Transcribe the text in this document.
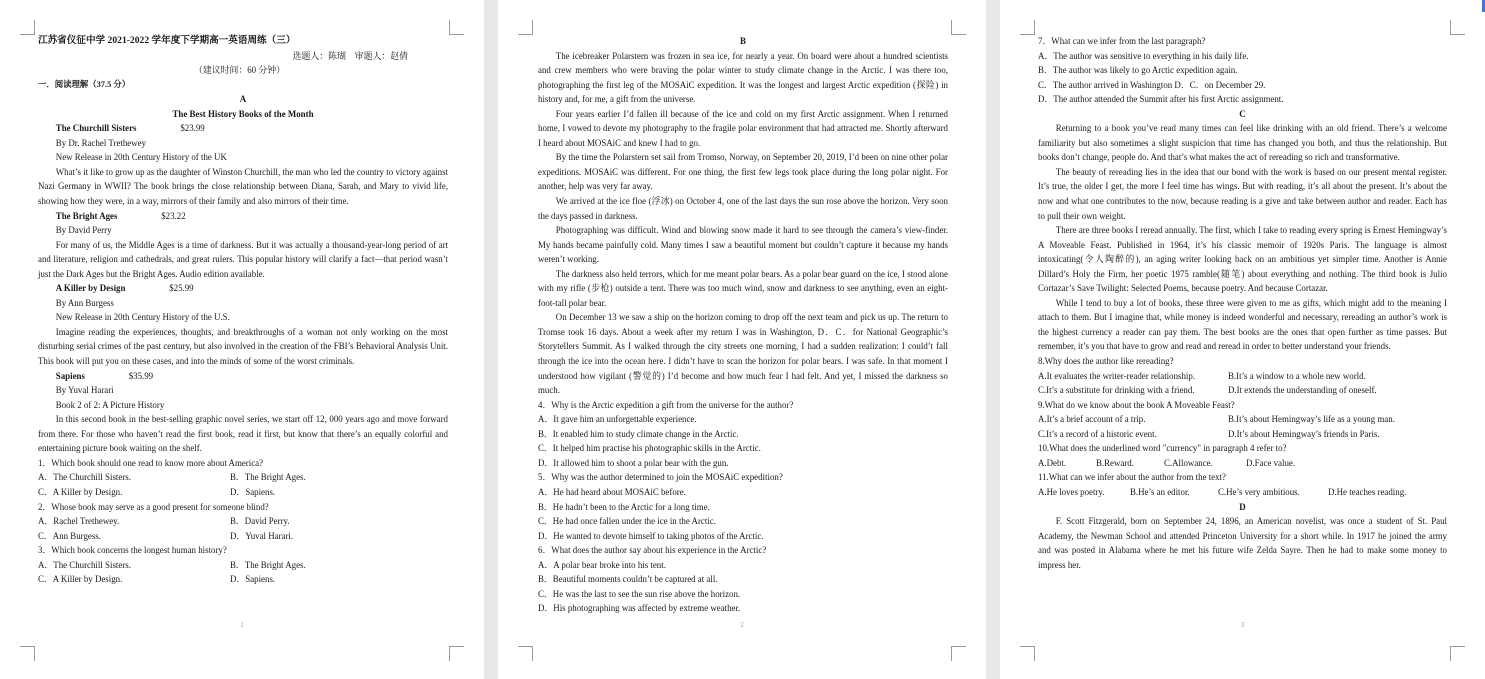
江苏省仪征中学 2021-2022 学年度下学期高一英语周练（三）

选题人：陈瑚　审题人：赵倩

（建议时间：60 分钟）

一．阅读理解（37.5 分）

A

The Best History Books of the Month

The Churchill Sisters	$23.99

By Dr. Rachel Trethewey

New Release in 20th Century History of the UK

What’s it like to grow up as the daughter of Winston Churchill, the man who led the country to victory against Nazi Germany in WWII? The book brings the close relationship between Diana, Sarah, and Mary to vivid life, showing how they were, in a way, mirrors of their family and also mirrors of their time.

The Bright Ages	$23.22

By David Perry

For many of us, the Middle Ages is a time of darkness. But it was actually a thousand-year-long period of art and literature, religion and cathedrals, and great rulers. This popular history will clarify a fact—that period wasn’t just the Dark Ages but the Bright Ages. Audio edition available.

A Killer by Design	$25.99

By Ann Burgess

New Release in 20th Century History of the U.S.

Imagine reading the experiences, thoughts, and breakthroughs of a woman not only working on the most disturbing serial crimes of the past century, but also involved in the creation of the FBI’s Behavioral Analysis Unit. This book will put you on these cases, and into the minds of some of the worst criminals.

Sapiens	$35.99

By Yuval Harari

Book 2 of 2: A Picture History

In this second book in the best-selling graphic novel series, we start off 12, 000 years ago and move forward from there. For those who haven’t read the first book, read it first, but know that there’s an equally colorful and entertaining picture book waiting on the shelf.

1．Which book should one read to know more about America?

A．The Churchill Sisters.	B．The Bright Ages.
C．A Killer by Design.	D．Sapiens.

2．Whose book may serve as a good present for someone blind?

A．Rachel Trethewey.	B．David Perry.
C．Ann Burgess.	D．Yuval Harari.

3．Which book concerns the longest human history?

A．The Churchill Sisters.	B．The Bright Ages.
C．A Killer by Design.	D．Sapiens.
1

B

The icebreaker Polarstern was frozen in sea ice, for nearly a year. On board were about a hundred scientists and crew members who were braving the polar winter to study climate change in the Arctic. I was there too, photographing the first leg of the MOSAiC expedition. It was the longest and largest Arctic expedition (探险) in history and, for me, a gift from the universe.

Four years earlier I’d fallen ill because of the ice and cold on my first Arctic assignment. When I returned home, I vowed to devote my photography to the fragile polar environment that had attracted me. Shortly afterward I heard about MOSAiC and knew I had to go.

By the time the Polarstern set sail from Tromso, Norway, on September 20, 2019, I’d been on nine other polar expeditions. MOSAiC was different. For one thing, the first few legs took place during the long polar night. For another, help was very far away.

We arrived at the ice floe (浮冰) on October 4, one of the last days the sun rose above the horizon. Very soon the days passed in darkness.

Photographing was difficult. Wind and blowing snow made it hard to see through the camera’s view-finder. My hands became painfully cold. Many times I saw a beautiful moment but couldn’t capture it because my hands weren’t working.

The darkness also held terrors, which for me meant polar bears. As a polar bear guard on the ice, I stood alone with my rifle (步枪) outside a tent. There was too much wind, snow and darkness to see anything, even an eight-foot-tall polar bear.

On December 13 we saw a ship on the horizon coming to drop off the next team and pick us up. The return to Tromse took 16 days. About a week after my return I was in Washington, D．C．for National Geographic’s Storytellers Summit. As I walked through the city streets one morning, I had a sudden realization: I could’t fall through the ice into the ocean here. I didn’t have to scan the horizon for polar bears. I was safe. In that moment I understood how vigilant (警觉的) I’d become and how much fear I had felt. And yet, I missed the darkness so much.

4．Why is the Arctic expedition a gift from the universe for the author?

A．It gave him an unforgettable experience.

B．It enabled him to study climate change in the Arctic.

C．It helped him practise his photographic skills in the Arctic.

D．It allowed him to shoot a polar bear with the gun.

5．Why was the author determined to join the MOSAiC expedition?

A．He had heard about MOSAiC before.

B．He hadn’t been to the Arctic for a long time.

C．He had once fallen under the ice in the Arctic.

D．He wanted to devote himself to taking photos of the Arctic.

6．What does the author say about his experience in the Arctic?

A．A polar bear broke into his tent.

B．Beautiful moments couldn’t be captured at all.

C．He was the last to see the sun rise above the horizon.

D．His photographing was affected by extreme weather.

2

7．What can we infer from the last paragraph?

A．The author was sensitive to everything in his daily life.

B．The author was likely to go Arctic expedition again.

C．The author arrived in Washington D．C．on December 29.

D．The author attended the Summit after his first Arctic assignment.

C

Returning to a book you’ve read many times can feel like drinking with an old friend. There’s a welcome familiarity but also sometimes a slight suspicion that time has changed you both, and thus the relationship. But books don’t change, people do. And that’s what makes the act of rereading so rich and transformative.

The beauty of rereading lies in the idea that our bond with the work is based on our present mental register. It’s true, the older I get, the more I feel time has wings. But with reading, it’s all about the present. It’s about the now and what one contributes to the now, because reading is a give and take between author and reader. Each has to pull their own weight.

There are three books I reread annually. The first, which I take to reading every spring is Ernest Hemingway’s A Moveable Feast. Published in 1964, it’s his classic memoir of 1920s Paris. The language is almost intoxicating(令人陶醉的), an aging writer looking back on an ambitious yet simpler time. Another is Annie Dillard’s Holy the Firm, her poetic 1975 ramble(随笔) about everything and nothing. The third book is Julio Cortazar’s Save Twilight: Selected Poems, because poetry. And because Cortazar.

While I tend to buy a lot of books, these three were given to me as gifts, which might add to the meaning I attach to them. But I imagine that, while money is indeed wonderful and necessary, rereading an author’s work is the highest currency a reader can pay them. The best books are the ones that open further as time passes. But remember, it’s you that have to grow and read and reread in order to better understand your friends.

8.Why does the author like rereading?

A.It evaluates the writer-reader relationship.	B.It’s a window to a whole new world.
C.It’s a substitute for drinking with a friend.	D.It extends the understanding of oneself.

9.What do we know about the book A Moveable Feast?

A.It’s a brief account of a trip.	B.It’s about Hemingway’s life as a young man.
C.It’s a record of a historic event.	D.It’s about Hemingway’s friends in Paris.

10.What does the underlined word "currency" in paragraph 4 refer to?

A.Debt.	B.Reward.	C.Allowance.	D.Face value.

11.What can we infer about the author from the text?

A.He loves poetry.	B.He’s an editor.	C.He’s very ambitious.	D.He teaches reading.

D

F. Scott Fitzgerald, born on September 24, 1896, an American novelist, was once a student of St. Paul Academy, the Newman School and attended Princeton University for a short while. In 1917 he joined the army and was posted in Alabama where he met his future wife Zelda Sayre. Then he had to make some money to impress her.

3
